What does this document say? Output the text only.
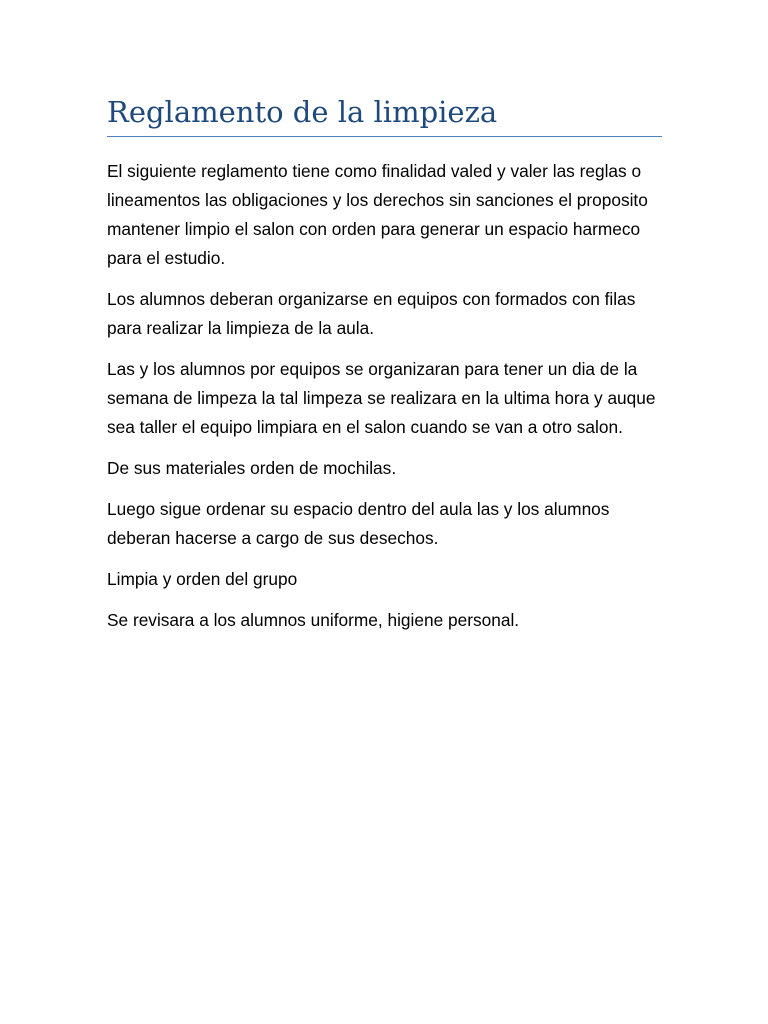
Reglamento de la limpieza

El siguiente reglamento tiene como finalidad valed y valer las reglas o lineamentos las obligaciones y los derechos sin sanciones el proposito mantener limpio el salon con orden para generar un espacio harmeco para el estudio.

Los alumnos deberan organizarse en equipos con formados con filas para realizar la limpieza de la aula.

Las y los alumnos por equipos se organizaran para tener un dia de la semana de limpeza la tal limpeza se realizara en la ultima hora y auque sea taller el equipo limpiara en el salon cuando se van a otro salon.

De sus materiales orden de mochilas.

Luego sigue ordenar su espacio dentro del aula las y los alumnos deberan hacerse a cargo de sus desechos.

Limpia y orden del grupo

Se revisara a los alumnos uniforme, higiene personal.
